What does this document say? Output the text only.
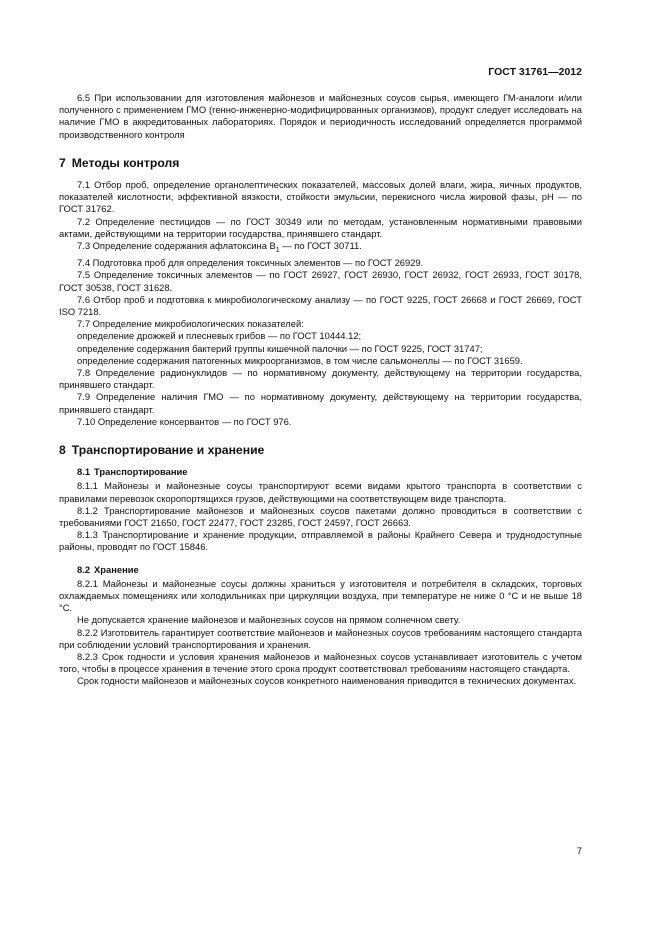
ГОСТ 31761—2012

6.5 При использовании для изготовления майонезов и майонезных соусов сырья, имеющего ГМ-аналоги и/или полученного с применением ГМО (генно-инженерно-модифицированных организмов), продукт следует исследовать на наличие ГМО в аккредитованных лабораториях. Порядок и периодичность исследований определяется программой производственного контроля

7 Методы контроля

7.1 Отбор проб, определение органолептических показателей, массовых долей влаги, жира, яичных продуктов, показателей кислотности, эффективной вязкости, стойкости эмульсии, перекисного числа жировой фазы, pH — по ГОСТ 31762.

7.2 Определение пестицидов — по ГОСТ 30349 или по методам, установленным нормативными правовыми актами, действующими на территории государства, принявшего стандарт.

7.3 Определение содержания афлатоксина $B_1$ — по ГОСТ 30711.

7.4 Подготовка проб для определения токсичных элементов — по ГОСТ 26929.

7.5 Определение токсичных элементов — по ГОСТ 26927, ГОСТ 26930, ГОСТ 26932, ГОСТ 26933, ГОСТ 30178, ГОСТ 30538, ГОСТ 31628.

7.6 Отбор проб и подготовка к микробиологическому анализу — по ГОСТ 9225, ГОСТ 26668 и ГОСТ 26669, ГОСТ ISO 7218.

7.7 Определение микробиологических показателей:

определение дрожжей и плесневых грибов — по ГОСТ 10444.12;

определение содержания бактерий группы кишечной палочки — по ГОСТ 9225, ГОСТ 31747;

определение содержания патогенных микроорганизмов, в том числе сальмонеллы — по ГОСТ 31659.

7.8 Определение радионуклидов — по нормативному документу, действующему на территории государства, принявшего стандарт.

7.9 Определение наличия ГМО — по нормативному документу, действующему на территории государства, принявшего стандарт.

7.10 Определение консервантов — по ГОСТ 976.

8 Транспортирование и хранение
8.1 Транспортирование

8.1.1 Майонезы и майонезные соусы транспортируют всеми видами крытого транспорта в соответствии с правилами перевозок скоропортящихся грузов, действующими на соответствующем виде транспорта.

8.1.2 Транспортирование майонезов и майонезных соусов пакетами должно проводиться в соответствии с требованиями ГОСТ 21650, ГОСТ 22477, ГОСТ 23285, ГОСТ 24597, ГОСТ 26663.

8.1.3 Транспортирование и хранение продукции, отправляемой в районы Крайнего Севера и труднодоступные районы, проводят по ГОСТ 15846.

8.2 Хранение

8.2.1 Майонезы и майонезные соусы должны храниться у изготовителя и потребителя в складских, торговых охлаждаемых помещениях или холодильниках при циркуляции воздуха, при температуре не ниже 0 °С и не выше 18 °С.

Не допускается хранение майонезов и майонезных соусов на прямом солнечном свету.

8.2.2 Изготовитель гарантирует соответствие майонезов и майонезных соусов требованиям настоящего стандарта при соблюдении условий транспортирования и хранения.

8.2.3 Срок годности и условия хранения майонезов и майонезных соусов устанавливает изготовитель с учетом того, чтобы в процессе хранения в течение этого срока продукт соответствовал требованиям настоящего стандарта.

Срок годности майонезов и майонезных соусов конкретного наименования приводится в технических документах.

7
